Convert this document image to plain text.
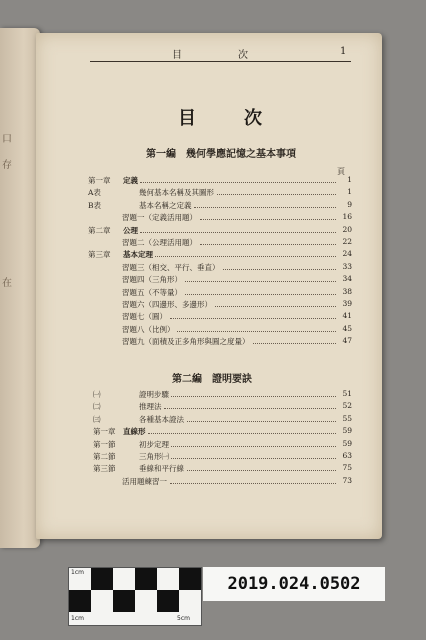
口
存
在
目	次	1
目	次
第一編　幾何學應記憶之基本事項
頁
第一章 定義	1
A表	幾何基本名稱及其圖形	1
B表	基本名稱之定義	9
習題一（定義活用題）	16
第二章 公理	20
習題二（公理活用題）	22
第三章 基本定理	24
習題三（相交、平行、垂直）	33
習題四（三角形）	34
習題五（不等量）	38
習題六（四邊形、多邊形）	39
習題七（圓）	41
習題八（比例）	45
習題九（面積及正多角形與圓之度量）	47
第二編　證明要訣
㈠	證明步驟	51
㈡	推理法	52
㈢	各種基本證法	55
第一章 直線形	59
第一節	初步定理	59
第二節	三角形㈠	63
第三節	垂線和平行線	75
活用題練習一	73
1cm
1cm	5cm
2019.024.0502
